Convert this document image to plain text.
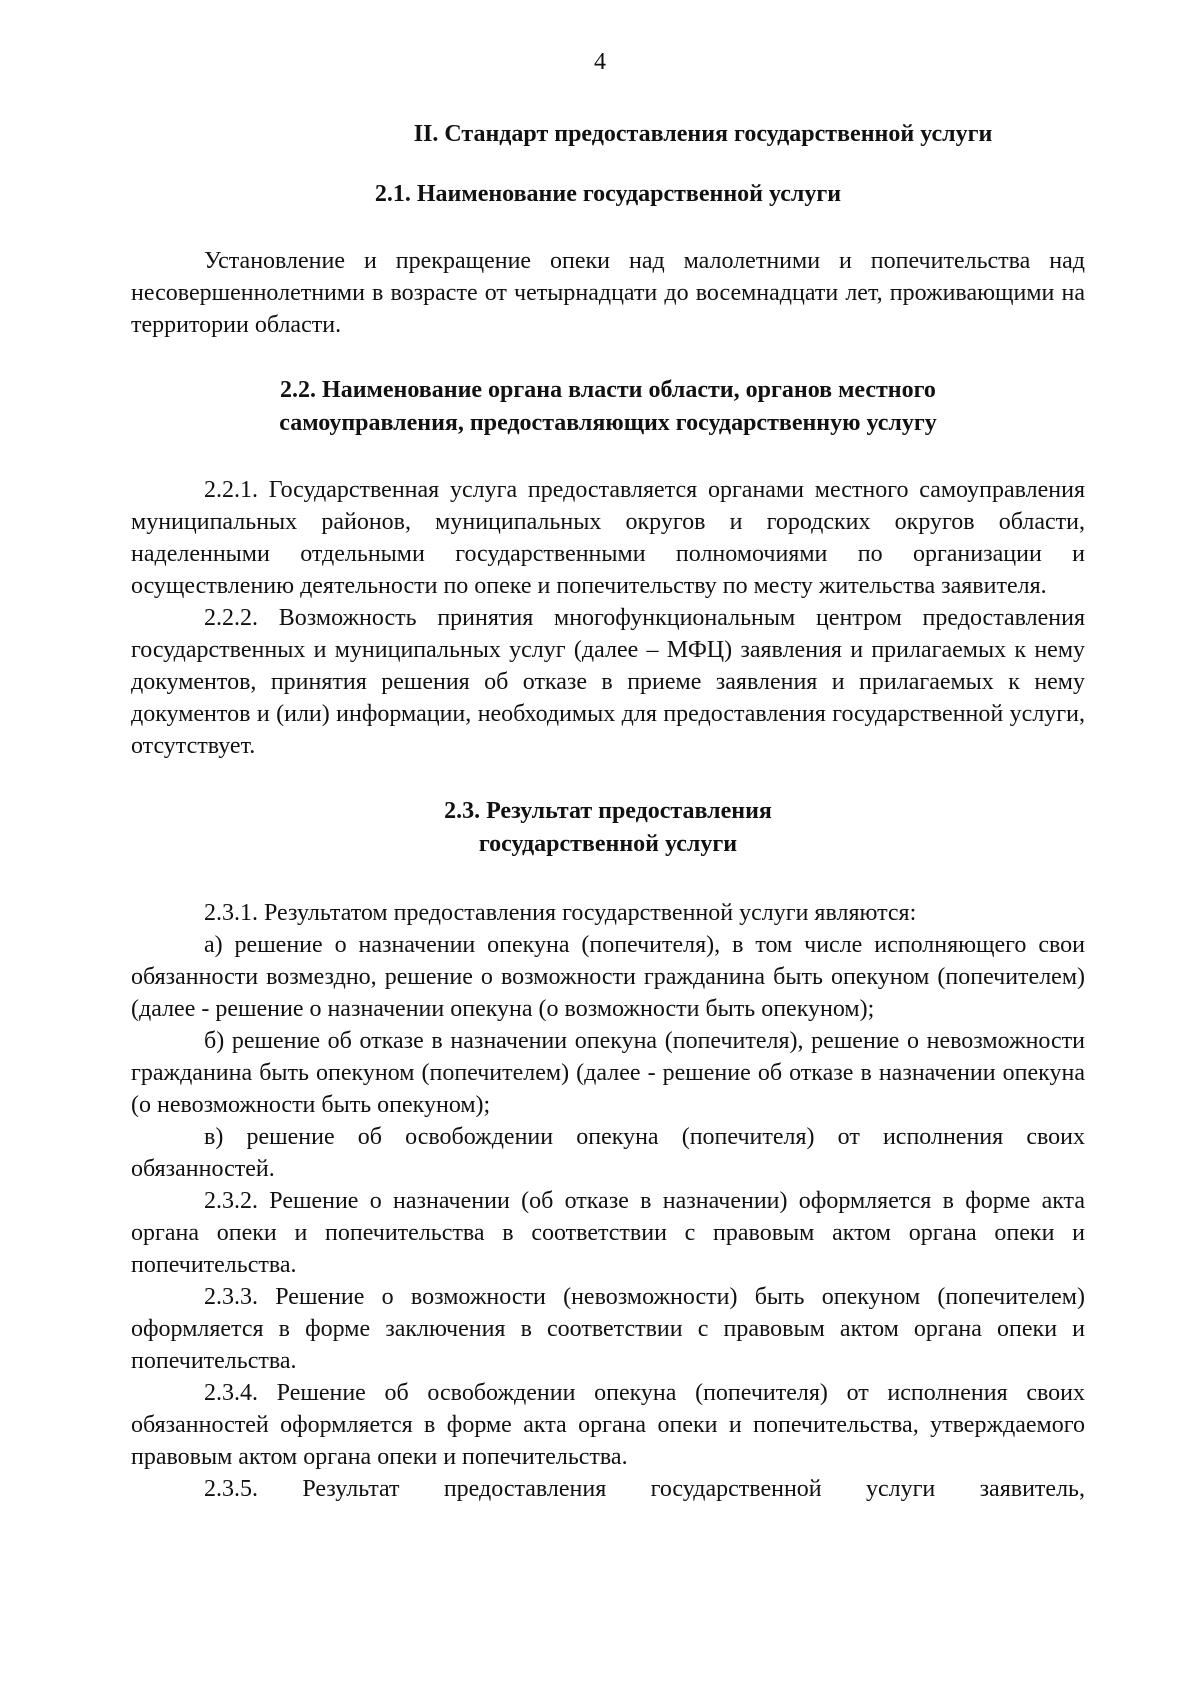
4
II. Стандарт предоставления государственной услуги
2.1. Наименование государственной услуги

Установление и прекращение опеки над малолетними и попечительства над несовершеннолетними в возрасте от четырнадцати до восемнадцати лет, проживающими на территории области.

2.2. Наименование органа власти области, органов местного
самоуправления, предоставляющих государственную услугу

2.2.1. Государственная услуга предоставляется органами местного самоуправления муниципальных районов, муниципальных округов и городских округов области, наделенными отдельными государственными полномочиями по организации и осуществлению деятельности по опеке и попечительству по месту жительства заявителя.

2.2.2. Возможность принятия многофункциональным центром предоставления государственных и муниципальных услуг (далее – МФЦ) заявления и прилагаемых к нему документов, принятия решения об отказе в приеме заявления и прилагаемых к нему документов и (или) информации, необходимых для предоставления государственной услуги, отсутствует.

2.3. Результат предоставления
государственной услуги

2.3.1. Результатом предоставления государственной услуги являются:

а) решение о назначении опекуна (попечителя), в том числе исполняющего свои обязанности возмездно, решение о возможности гражданина быть опекуном (попечителем) (далее - решение о назначении опекуна (о возможности быть опекуном);

б) решение об отказе в назначении опекуна (попечителя), решение о невозможности гражданина быть опекуном (попечителем) (далее - решение об отказе в назначении опекуна (о невозможности быть опекуном);

в) решение об освобождении опекуна (попечителя) от исполнения своих обязанностей.

2.3.2. Решение о назначении (об отказе в назначении) оформляется в форме акта органа опеки и попечительства в соответствии с правовым актом органа опеки и попечительства.

2.3.3. Решение о возможности (невозможности) быть опекуном (попечителем) оформляется в форме заключения в соответствии с правовым актом органа опеки и попечительства.

2.3.4. Решение об освобождении опекуна (попечителя) от исполнения своих обязанностей оформляется в форме акта органа опеки и попечительства, утверждаемого правовым актом органа опеки и попечительства.

2.3.5. Результат предоставления государственной услуги заявитель,
